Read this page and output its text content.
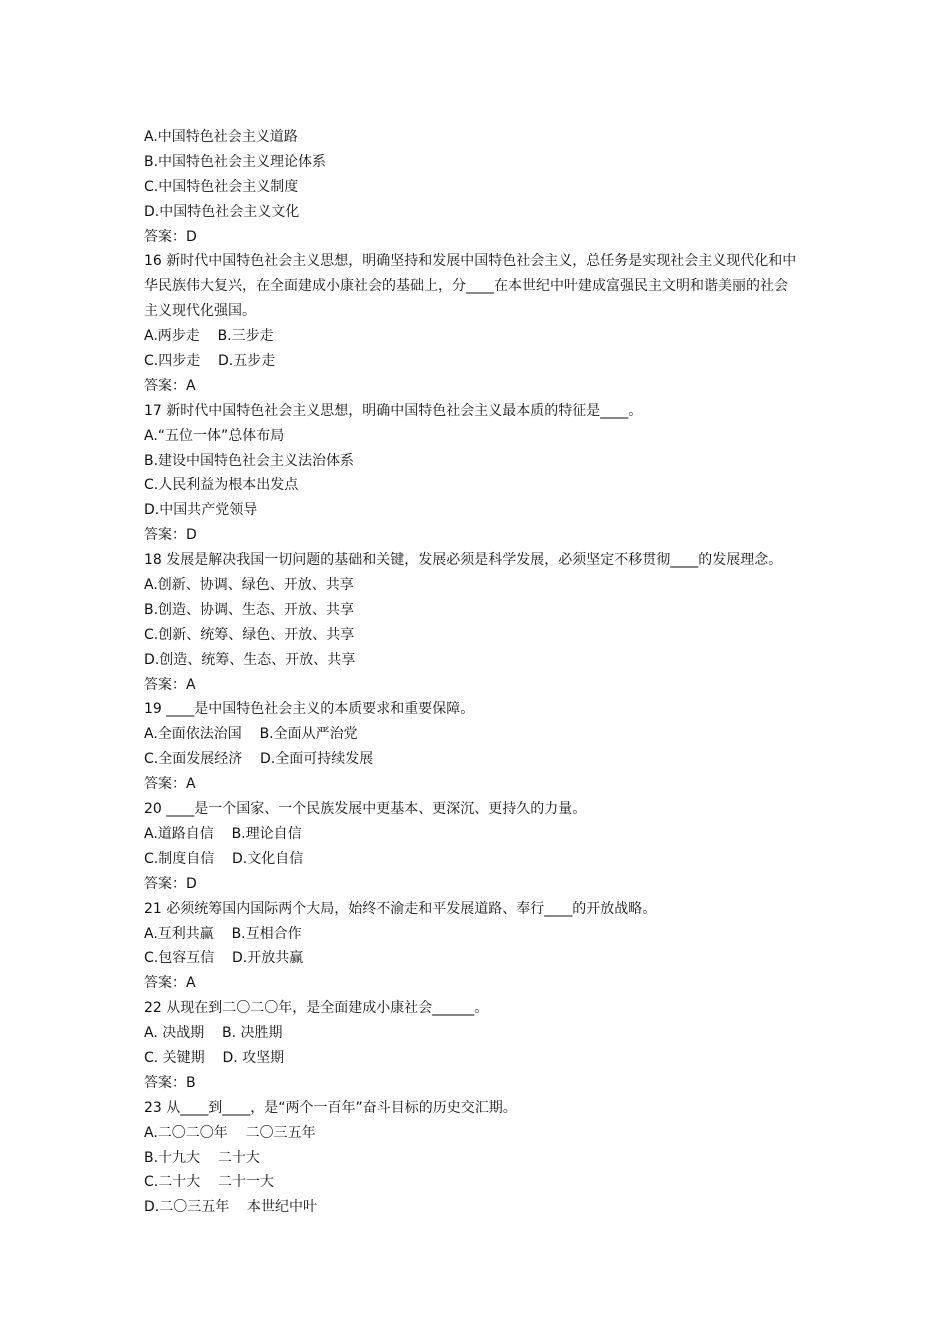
A.中国特色社会主义道路
B.中国特色社会主义理论体系
C.中国特色社会主义制度
D.中国特色社会主义文化
答案：D
16 新时代中国特色社会主义思想，明确坚持和发展中国特色社会主义，总任务是实现社会主义现代化和中
华民族伟大复兴，在全面建成小康社会的基础上，分____在本世纪中叶建成富强民主文明和谐美丽的社会
主义现代化强国。
A.两步走    B.三步走
C.四步走    D.五步走
答案：A
17 新时代中国特色社会主义思想，明确中国特色社会主义最本质的特征是____。
A.“五位一体”总体布局
B.建设中国特色社会主义法治体系
C.人民利益为根本出发点
D.中国共产党领导
答案：D
18 发展是解决我国一切问题的基础和关键，发展必须是科学发展，必须坚定不移贯彻____的发展理念。
A.创新、协调、绿色、开放、共享
B.创造、协调、生态、开放、共享
C.创新、统筹、绿色、开放、共享
D.创造、统筹、生态、开放、共享
答案：A
19 ____是中国特色社会主义的本质要求和重要保障。
A.全面依法治国    B.全面从严治党
C.全面发展经济    D.全面可持续发展
答案：A
20 ____是一个国家、一个民族发展中更基本、更深沉、更持久的力量。
A.道路自信    B.理论自信
C.制度自信    D.文化自信
答案：D
21 必须统筹国内国际两个大局，始终不渝走和平发展道路、奉行____的开放战略。
A.互利共赢    B.互相合作
C.包容互信    D.开放共赢
答案：A
22 从现在到二〇二〇年，是全面建成小康社会______。
A. 决战期    B. 决胜期
C. 关键期    D. 攻坚期
答案：B
23 从____到____，是“两个一百年”奋斗目标的历史交汇期。
A.二〇二〇年    二〇三五年
B.十九大    二十大
C.二十大    二十一大
D.二〇三五年    本世纪中叶
